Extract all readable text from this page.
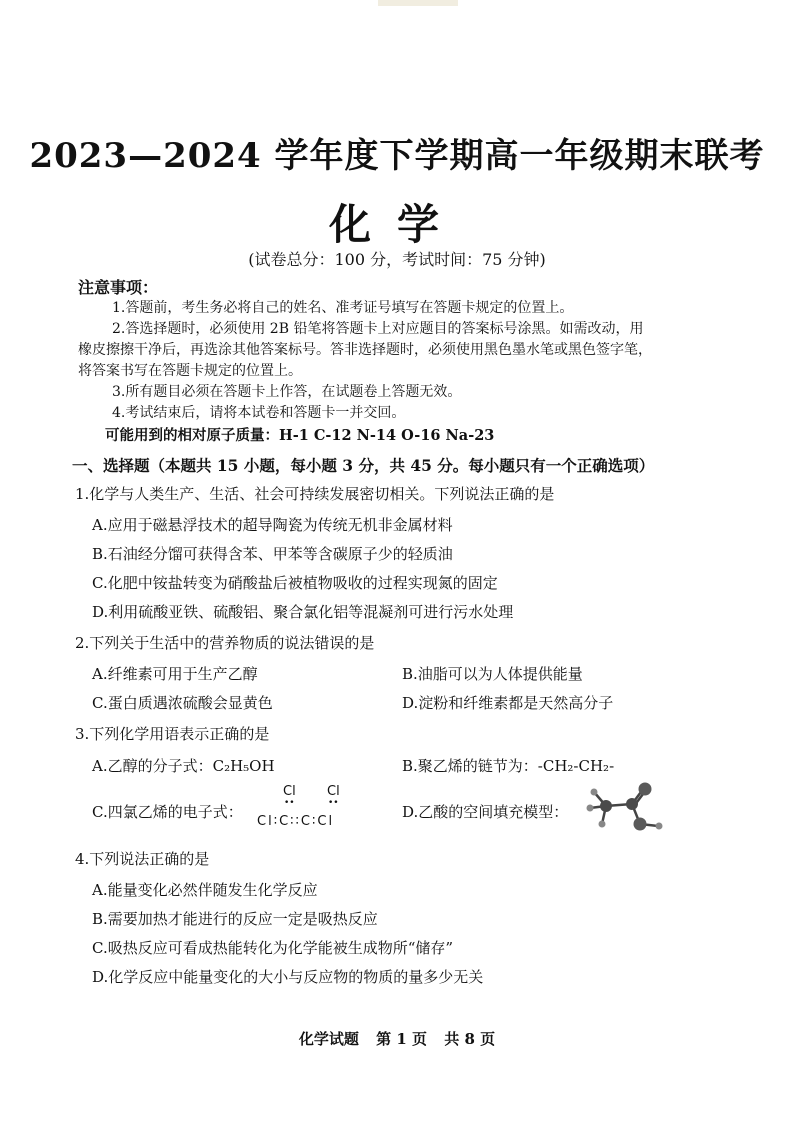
2023—2024 学年度下学期高一年级期末联考
化学
(试卷总分：100 分，考试时间：75 分钟)
注意事项：
1.答题前，考生务必将自己的姓名、准考证号填写在答题卡规定的位置上。
2.答选择题时，必须使用 2B 铅笔将答题卡上对应题目的答案标号涂黑。如需改动，用
橡皮擦擦干净后，再选涂其他答案标号。答非选择题时，必须使用黑色墨水笔或黑色签字笔，
将答案书写在答题卡规定的位置上。
3.所有题目必须在答题卡上作答，在试题卷上答题无效。
4.考试结束后，请将本试卷和答题卡一并交回。
可能用到的相对原子质量：H-1 C-12 N-14 O-16 Na-23
一、选择题（本题共 15 小题，每小题 3 分，共 45 分。每小题只有一个正确选项）
1.化学与人类生产、生活、社会可持续发展密切相关。下列说法正确的是
A.应用于磁悬浮技术的超导陶瓷为传统无机非金属材料
B.石油经分馏可获得含苯、甲苯等含碳原子少的轻质油
C.化肥中铵盐转变为硝酸盐后被植物吸收的过程实现氮的固定
D.利用硫酸亚铁、硫酸铝、聚合氯化铝等混凝剂可进行污水处理
2.下列关于生活中的营养物质的说法错误的是
A.纤维素可用于生产乙醇	B.油脂可以为人体提供能量
C.蛋白质遇浓硫酸会显黄色	D.淀粉和纤维素都是天然高分子
3.下列化学用语表示正确的是
A.乙醇的分子式：C₂H₅OH	B.聚乙烯的链节为：-CH₂-CH₂-
C.四氯乙烯的电子式：
Cl Cl
••	••
Cl∶C∶∶C∶Cl
D.乙酸的空间填充模型：
4.下列说法正确的是
A.能量变化必然伴随发生化学反应
B.需要加热才能进行的反应一定是吸热反应
C.吸热反应可看成热能转化为化学能被生成物所“储存”
D.化学反应中能量变化的大小与反应物的物质的量多少无关
化学试题 第 1 页 共 8 页
